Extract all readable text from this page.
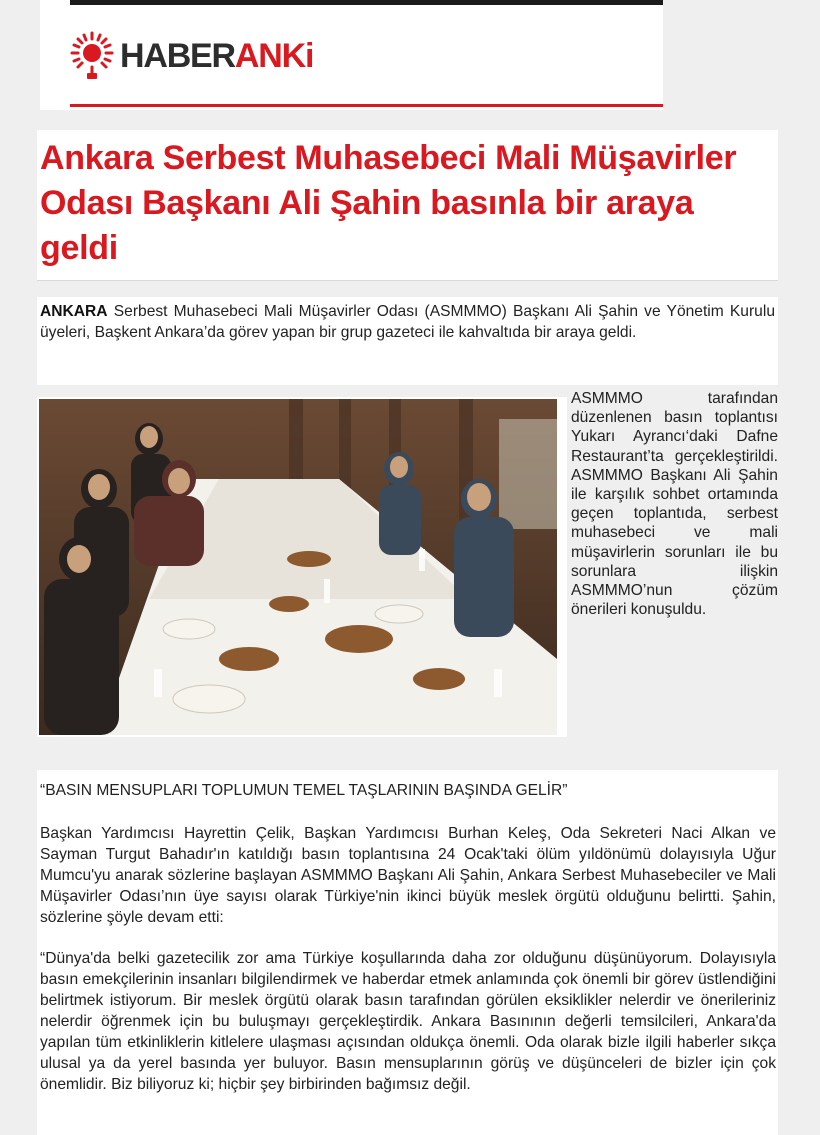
HABERANKi
Ankara Serbest Muhasebeci Mali Müşavirler Odası Başkanı Ali Şahin basınla bir araya geldi

ANKARA Serbest Muhasebeci Mali Müşavirler Odası (ASMMMO) Başkanı Ali Şahin ve Yönetim Kurulu üyeleri, Başkent Ankara’da görev yapan bir grup gazeteci ile kahvaltıda bir araya geldi.

ASMMMO tarafından düzenlenen basın toplantısı Yukarı Ayrancı‘daki Dafne Restaurant’ta gerçekleştirildi. ASMMMO Başkanı Ali Şahin ile karşılık sohbet ortamında geçen toplantıda, serbest muhasebeci ve mali müşavirlerin sorunları ile bu sorunlara ilişkin ASMMMO’nun çözüm önerileri konuşuldu.

“BASIN MENSUPLARI TOPLUMUN TEMEL TAŞLARININ BAŞINDA GELİR”

Başkan Yardımcısı Hayrettin Çelik, Başkan Yardımcısı Burhan Keleş, Oda Sekreteri Naci Alkan ve Sayman Turgut Bahadır'ın katıldığı basın toplantısına 24 Ocak'taki ölüm yıldönümü dolayısıyla Uğur Mumcu'yu anarak sözlerine başlayan ASMMMO Başkanı Ali Şahin, Ankara Serbest Muhasebeciler ve Mali Müşavirler Odası’nın üye sayısı olarak Türkiye'nin ikinci büyük meslek örgütü olduğunu belirtti. Şahin, sözlerine şöyle devam etti:

“Dünya'da belki gazetecilik zor ama Türkiye koşullarında daha zor olduğunu düşünüyorum. Dolayısıyla basın emekçilerinin insanları bilgilendirmek ve haberdar etmek anlamında çok önemli bir görev üstlendiğini belirtmek istiyorum. Bir meslek örgütü olarak basın tarafından görülen eksiklikler nelerdir ve önerileriniz nelerdir öğrenmek için bu buluşmayı gerçekleştirdik. Ankara Basınının değerli temsilcileri, Ankara'da yapılan tüm etkinliklerin kitlelere ulaşması açısından oldukça önemli. Oda olarak bizle ilgili haberler sıkça ulusal ya da yerel basında yer buluyor. Basın mensuplarının görüş ve düşünceleri de bizler için çok önemlidir. Biz biliyoruz ki; hiçbir şey birbirinden bağımsız değil.
